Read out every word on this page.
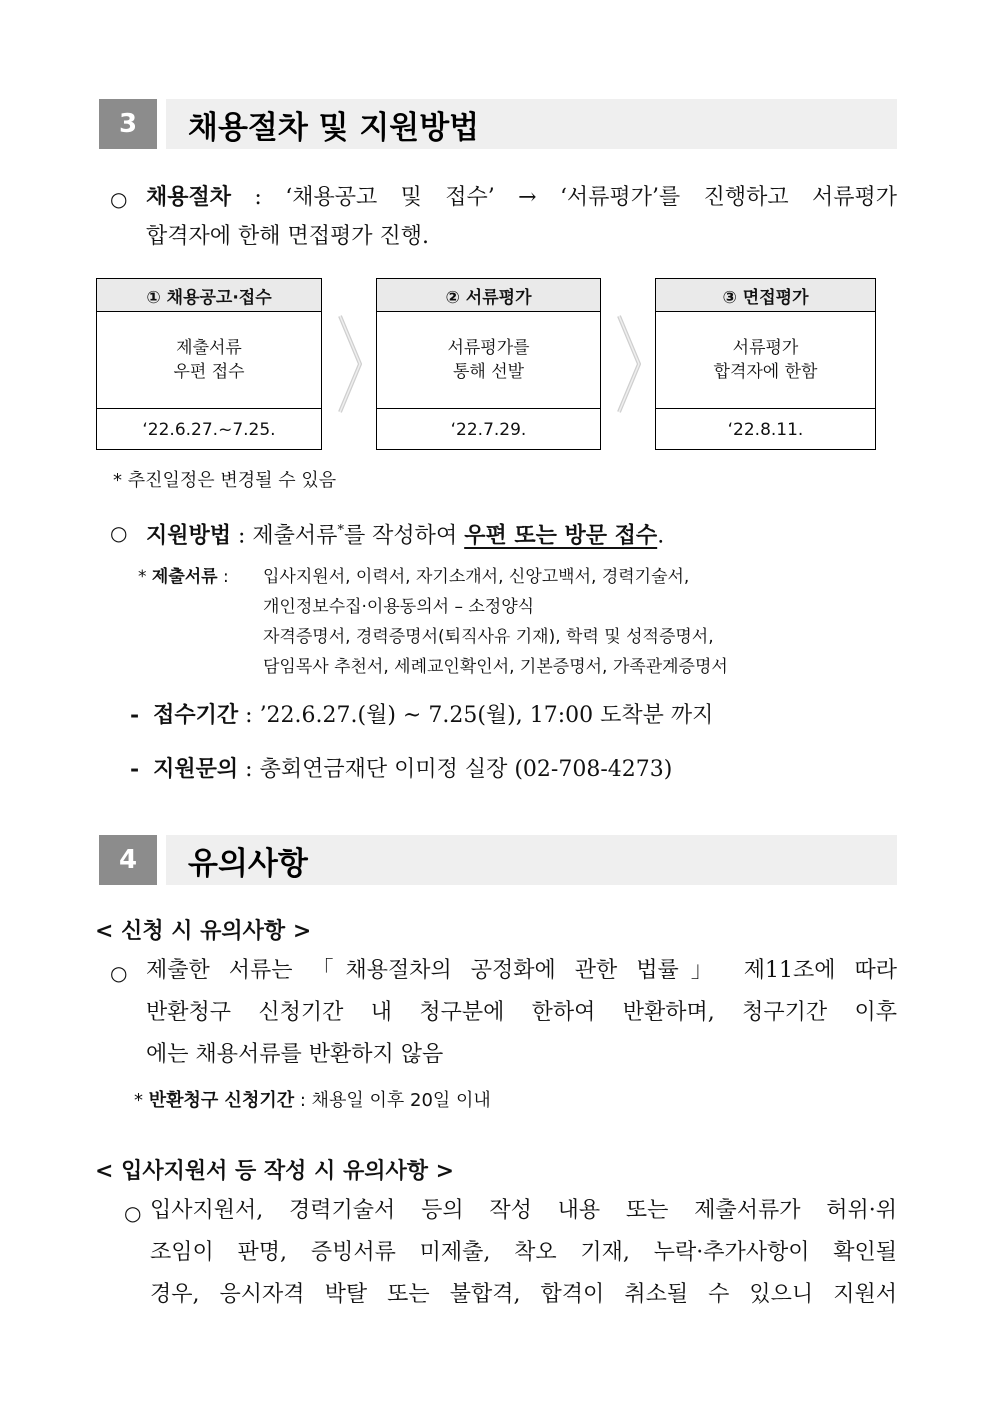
3	채용절차 및 지원방법
○ 채용절차 : ‘채용공고 및 접수’ → ‘서류평가’를 진행하고 서류평가
합격자에 한해 면접평가 진행.
① 채용공고·접수
제출서류
우편 접수
‘22.6.27.~7.25.
② 서류평가
서류평가를
통해 선발
‘22.7.29.
③ 면접평가
서류평가
합격자에 한함
‘22.8.11.
* 추진일정은 변경될 수 있음
○ 지원방법 : 제출서류*를 작성하여 우편 또는 방문 접수.
* 제출서류 : 입사지원서, 이력서, 자기소개서, 신앙고백서, 경력기술서,
개인정보수집·이용동의서 – 소정양식
자격증명서, 경력증명서(퇴직사유 기재), 학력 및 성적증명서,
담임목사 추천서, 세례교인확인서, 기본증명서, 가족관계증명서
- 접수기간 : ’22.6.27.(월) ~ 7.25(월), 17:00 도착분 까지
- 지원문의 : 총회연금재단 이미정 실장 (02-708-4273)
4	유의사항
< 신청 시 유의사항 >
○ 제출한 서류는 「채용절차의 공정화에 관한 법률」 제11조에 따라
반환청구 신청기간 내 청구분에 한하여 반환하며, 청구기간 이후
에는 채용서류를 반환하지 않음
* 반환청구 신청기간 : 채용일 이후 20일 이내
< 입사지원서 등 작성 시 유의사항 >
○ 입사지원서, 경력기술서 등의 작성 내용 또는 제출서류가 허위·위
조임이 판명, 증빙서류 미제출, 착오 기재, 누락·추가사항이 확인될
경우, 응시자격 박탈 또는 불합격, 합격이 취소될 수 있으니 지원서
